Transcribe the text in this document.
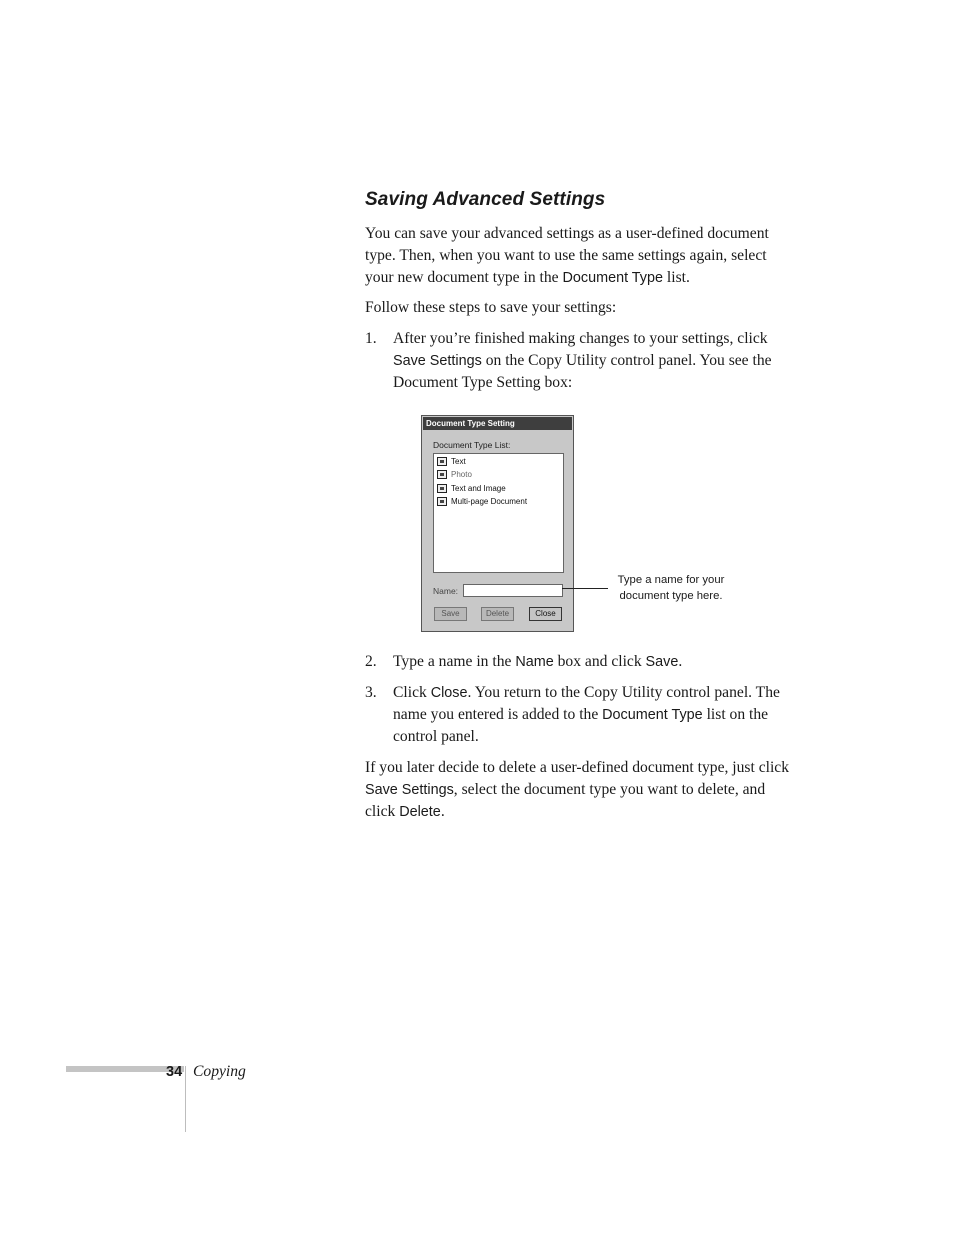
Saving Advanced Settings

You can save your advanced settings as a user-defined document type. Then, when you want to use the same settings again, select your new document type in the Document Type list.

Follow these steps to save your settings:

1. After you’re finished making changes to your settings, click Save Settings on the Copy Utility control panel. You see the Document Type Setting box:
Document Type Setting
Document Type List:
Text
Photo
Text and Image
Multi-page Document
Name:
Save	Delete	Close
Type a name for your document type here.
2. Type a name in the Name box and click Save.
3. Click Close. You return to the Copy Utility control panel. The name you entered is added to the Document Type list on the control panel.

If you later decide to delete a user-defined document type, just click Save Settings, select the document type you want to delete, and click Delete.

34 Copying
